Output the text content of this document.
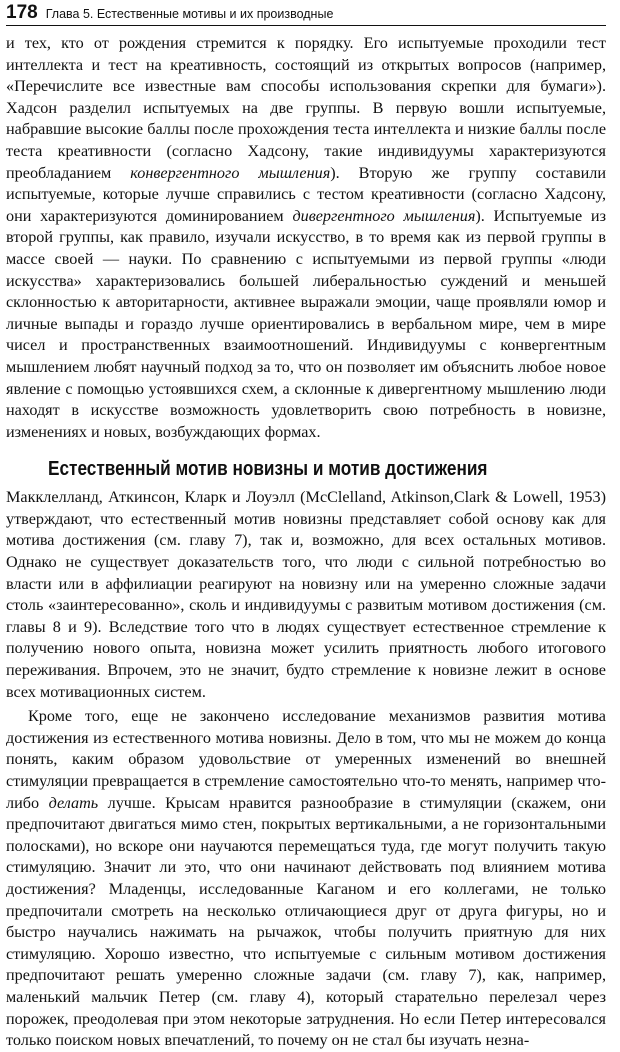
178 Глава 5. Естественные мотивы и их производные

и тех, кто от рождения стремится к порядку. Его испытуемые проходили тест интеллекта и тест на креативность, состоящий из открытых вопросов (например, «Перечислите все известные вам способы использования скрепки для бумаги»). Хадсон разделил испытуемых на две группы. В первую вошли испытуемые, набравшие высокие баллы после прохождения теста интеллекта и низкие баллы после теста креативности (согласно Хадсону, такие индивидуумы характеризуются преобладанием конвергентного мышления). Вторую же группу составили испытуемые, которые лучше справились с тестом креативности (согласно Хадсону, они характеризуются доминированием дивергентного мышления). Испытуемые из второй группы, как правило, изучали искусство, в то время как из первой группы в массе своей — науки. По сравнению с испытуемыми из первой группы «люди искусства» характеризовались большей либеральностью суждений и меньшей склонностью к авторитарности, активнее выражали эмоции, чаще проявляли юмор и личные выпады и гораздо лучше ориентировались в вербальном мире, чем в мире чисел и пространственных взаимоотношений. Индивидуумы с конвергентным мышлением любят научный подход за то, что он позволяет им объяснить любое новое явление с помощью устоявшихся схем, а склонные к дивергентному мышлению люди находят в искусстве возможность удовлетворить свою потребность в новизне, изменениях и новых, возбуждающих формах.

Естественный мотив новизны и мотив достижения

Макклелланд, Аткинсон, Кларк и Лоуэлл (McClelland, Atkinson,Clark & Lowell, 1953) утверждают, что естественный мотив новизны представляет собой основу как для мотива достижения (см. главу 7), так и, возможно, для всех остальных мотивов. Однако не существует доказательств того, что люди с сильной потребностью во власти или в аффилиации реагируют на новизну или на умеренно сложные задачи столь «заинтересованно», сколь и индивидуумы с развитым мотивом достижения (см. главы 8 и 9). Вследствие того что в людях существует естественное стремление к получению нового опыта, новизна может усилить приятность любого итогового переживания. Впрочем, это не значит, будто стремление к новизне лежит в основе всех мотивационных систем.

Кроме того, еще не закончено исследование механизмов развития мотива достижения из естественного мотива новизны. Дело в том, что мы не можем до конца понять, каким образом удовольствие от умеренных изменений во внешней стимуляции превращается в стремление самостоятельно что-то менять, например что-либо делать лучше. Крысам нравится разнообразие в стимуляции (скажем, они предпочитают двигаться мимо стен, покрытых вертикальными, а не горизонтальными полосками), но вскоре они научаются перемещаться туда, где могут получить такую стимуляцию. Значит ли это, что они начинают действовать под влиянием мотива достижения? Младенцы, исследованные Каганом и его коллегами, не только предпочитали смотреть на несколько отличающиеся друг от друга фигуры, но и быстро научались нажимать на рычажок, чтобы получить приятную для них стимуляцию. Хорошо известно, что испытуемые с сильным мотивом достижения предпочитают решать умеренно сложные задачи (см. главу 7), как, например, маленький мальчик Петер (см. главу 4), который старательно перелезал через порожек, преодолевая при этом некоторые затруднения. Но если Петер интересовался только поиском новых впечатлений, то почему он не стал бы изучать незна-
